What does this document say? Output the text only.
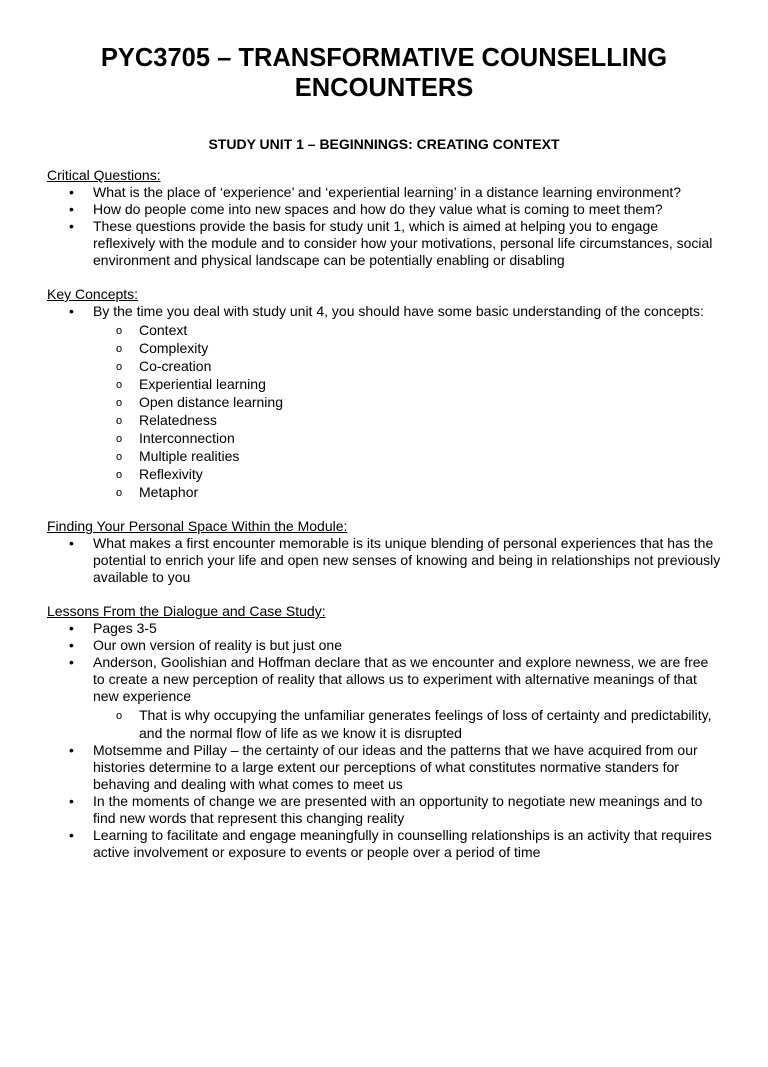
PYC3705 – TRANSFORMATIVE COUNSELLING
ENCOUNTERS
STUDY UNIT 1 – BEGINNINGS: CREATING CONTEXT
Critical Questions:
• What is the place of ‘experience’ and ‘experiential learning’ in a distance learning environment?
• How do people come into new spaces and how do they value what is coming to meet them?
• These questions provide the basis for study unit 1, which is aimed at helping you to engage reflexively with the module and to consider how your motivations, personal life circumstances, social environment and physical landscape can be potentially enabling or disabling
Key Concepts:
• By the time you deal with study unit 4, you should have some basic understanding of the concepts:
o Context
o Complexity
o Co-creation
o Experiential learning
o Open distance learning
o Relatedness
o Interconnection
o Multiple realities
o Reflexivity
o Metaphor
Finding Your Personal Space Within the Module:
• What makes a first encounter memorable is its unique blending of personal experiences that has the potential to enrich your life and open new senses of knowing and being in relationships not previously available to you
Lessons From the Dialogue and Case Study:
• Pages 3-5
• Our own version of reality is but just one
• Anderson, Goolishian and Hoffman declare that as we encounter and explore newness, we are free to create a new perception of reality that allows us to experiment with alternative meanings of that new experience
o That is why occupying the unfamiliar generates feelings of loss of certainty and predictability, and the normal flow of life as we know it is disrupted
• Motsemme and Pillay – the certainty of our ideas and the patterns that we have acquired from our histories determine to a large extent our perceptions of what constitutes normative standers for behaving and dealing with what comes to meet us
• In the moments of change we are presented with an opportunity to negotiate new meanings and to find new words that represent this changing reality
• Learning to facilitate and engage meaningfully in counselling relationships is an activity that requires active involvement or exposure to events or people over a period of time
